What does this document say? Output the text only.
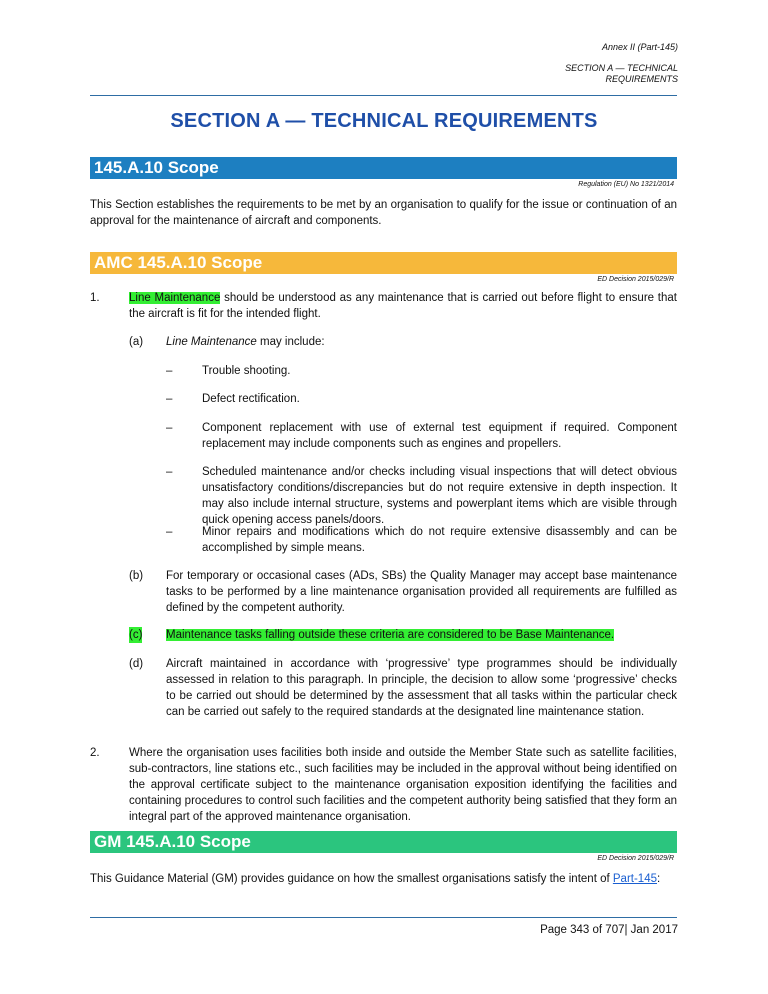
Annex II (Part-145)
SECTION A — TECHNICAL
REQUIREMENTS
SECTION A — TECHNICAL REQUIREMENTS
145.A.10 Scope
Regulation (EU) No 1321/2014
This Section establishes the requirements to be met by an organisation to qualify for the issue or continuation of an approval for the maintenance of aircraft and components.
AMC 145.A.10 Scope
ED Decision 2015/029/R
1.	Line Maintenance should be understood as any maintenance that is carried out before flight to ensure that the aircraft is fit for the intended flight.
(a) Line Maintenance may include:
–	Trouble shooting.
–	Defect rectification.
–	Component replacement with use of external test equipment if required. Component replacement may include components such as engines and propellers.
–	Scheduled maintenance and/or checks including visual inspections that will detect obvious unsatisfactory conditions/discrepancies but do not require extensive in depth inspection. It may also include internal structure, systems and powerplant items which are visible through quick opening access panels/doors.
–	Minor repairs and modifications which do not require extensive disassembly and can be accomplished by simple means.
(b) For temporary or occasional cases (ADs, SBs) the Quality Manager may accept base maintenance tasks to be performed by a line maintenance organisation provided all requirements are fulfilled as defined by the competent authority.
(c) Maintenance tasks falling outside these criteria are considered to be Base Maintenance.
(d) Aircraft maintained in accordance with ‘progressive’ type programmes should be individually assessed in relation to this paragraph. In principle, the decision to allow some ‘progressive’ checks to be carried out should be determined by the assessment that all tasks within the particular check can be carried out safely to the required standards at the designated line maintenance station.
2.	Where the organisation uses facilities both inside and outside the Member State such as satellite facilities, sub-contractors, line stations etc., such facilities may be included in the approval without being identified on the approval certificate subject to the maintenance organisation exposition identifying the facilities and containing procedures to control such facilities and the competent authority being satisfied that they form an integral part of the approved maintenance organisation.
GM 145.A.10 Scope
ED Decision 2015/029/R
This Guidance Material (GM) provides guidance on how the smallest organisations satisfy the intent of Part-145:
Page 343 of 707| Jan 2017
